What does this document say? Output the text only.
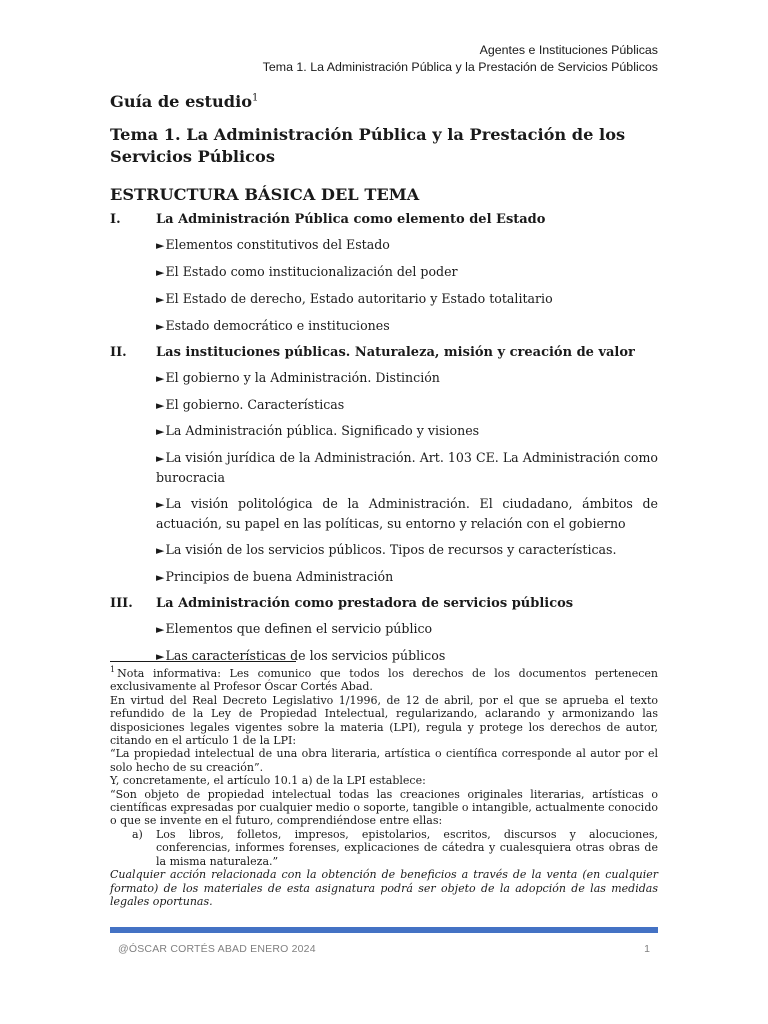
Agentes e Instituciones Públicas
Tema 1. La Administración Pública y la Prestación de Servicios Públicos
Guía de estudio$^1$
Tema 1. La Administración Pública y la Prestación de los Servicios Públicos
ESTRUCTURA BÁSICA DEL TEMA
I.	La Administración Pública como elemento del Estado
►Elementos constitutivos del Estado
►El Estado como institucionalización del poder
►El Estado de derecho, Estado autoritario y Estado totalitario
►Estado democrático e instituciones
II.	Las instituciones públicas. Naturaleza, misión y creación de valor
►El gobierno y la Administración. Distinción
►El gobierno. Características
►La Administración pública. Significado y visiones
►La visión jurídica de la Administración. Art. 103 CE. La Administración como burocracia
►La visión politológica de la Administración. El ciudadano, ámbitos de actuación, su papel en las políticas, su entorno y relación con el gobierno
►La visión de los servicios públicos. Tipos de recursos y características.
►Principios de buena Administración
III.	La Administración como prestadora de servicios públicos
►Elementos que definen el servicio público
►Las características de los servicios públicos

$^1$ Nota informativa: Les comunico que todos los derechos de los documentos pertenecen exclusivamente al Profesor Óscar Cortés Abad.

En virtud del Real Decreto Legislativo 1/1996, de 12 de abril, por el que se aprueba el texto refundido de la Ley de Propiedad Intelectual, regularizando, aclarando y armonizando las disposiciones legales vigentes sobre la materia (LPI), regula y protege los derechos de autor, citando en el artículo 1 de la LPI:

“La propiedad intelectual de una obra literaria, artística o científica corresponde al autor por el solo hecho de su creación”.

Y, concretamente, el artículo 10.1 a) de la LPI establece:

“Son objeto de propiedad intelectual todas las creaciones originales literarias, artísticas o científicas expresadas por cualquier medio o soporte, tangible o intangible, actualmente conocido o que se invente en el futuro, comprendiéndose entre ellas:

a)	Los libros, folletos, impresos, epistolarios, escritos, discursos y alocuciones, conferencias, informes forenses, explicaciones de cátedra y cualesquiera otras obras de la misma naturaleza.”

Cualquier acción relacionada con la obtención de beneficios a través de la venta (en cualquier formato) de los materiales de esta asignatura podrá ser objeto de la adopción de las medidas legales oportunas.

@ÓSCAR CORTÉS ABAD ENERO 2024	1
